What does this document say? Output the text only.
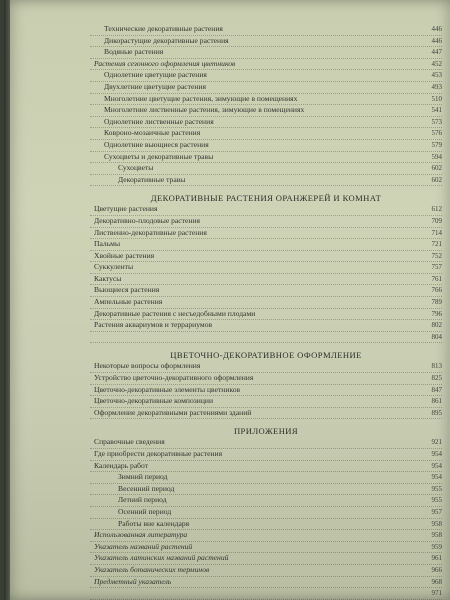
Технические декоративные растения	446
Дикорастущие декоративные растения	446
Водяные растения	447
Растения сезонного оформления цветников	452
Однолетние цветущие растения	453
Двухлетние цветущие растения	493
Многолетние цветущие растения, зимующие в помещениях	510
Многолетние лиственные растения, зимующие в помещениях	541
Однолетние лиственные растения	573
Ковроно-мозаичные растения	576
Однолетние вьющиеся растения	579
Сухоцветы и декоративные травы	594
Сухоцветы	602
Декоративные травы	602
ДЕКОРАТИВНЫЕ РАСТЕНИЯ ОРАНЖЕРЕЙ И КОМНАТ
Цветущие растения	612
Декоративно-плодовые растения	709
Лиственно-декоративные растения	714
Пальмы	721
Хвойные растения	752
Суккуленты	757
Кактусы	761
Вьющиеся растения	766
Ампельные растения	789
Декоративные растения с несъедобными плодами	796
Растения аквариумов и террариумов	802
804
ЦВЕТОЧНО-ДЕКОРАТИВНОЕ ОФОРМЛЕНИЕ
Некоторые вопросы оформления	813
Устройство цветочно-декоративного оформления	825
Цветочно-декоративные элементы цветников	847
Цветочно-декоративные композиции	861
Оформление декоративными растениями зданий	895
ПРИЛОЖЕНИЯ
Справочные сведения	921
Где приобрести декоративные растения	954
Календарь работ	954
Зимний период	954
Весенний период	955
Летний период	955
Осенний период	957
Работы вне календаря	958
Использованная литература	958
Указатель названий растений	959
Указатель латинских названий растений	961
Указатель ботанических терминов	966
Предметный указатель	968
971
